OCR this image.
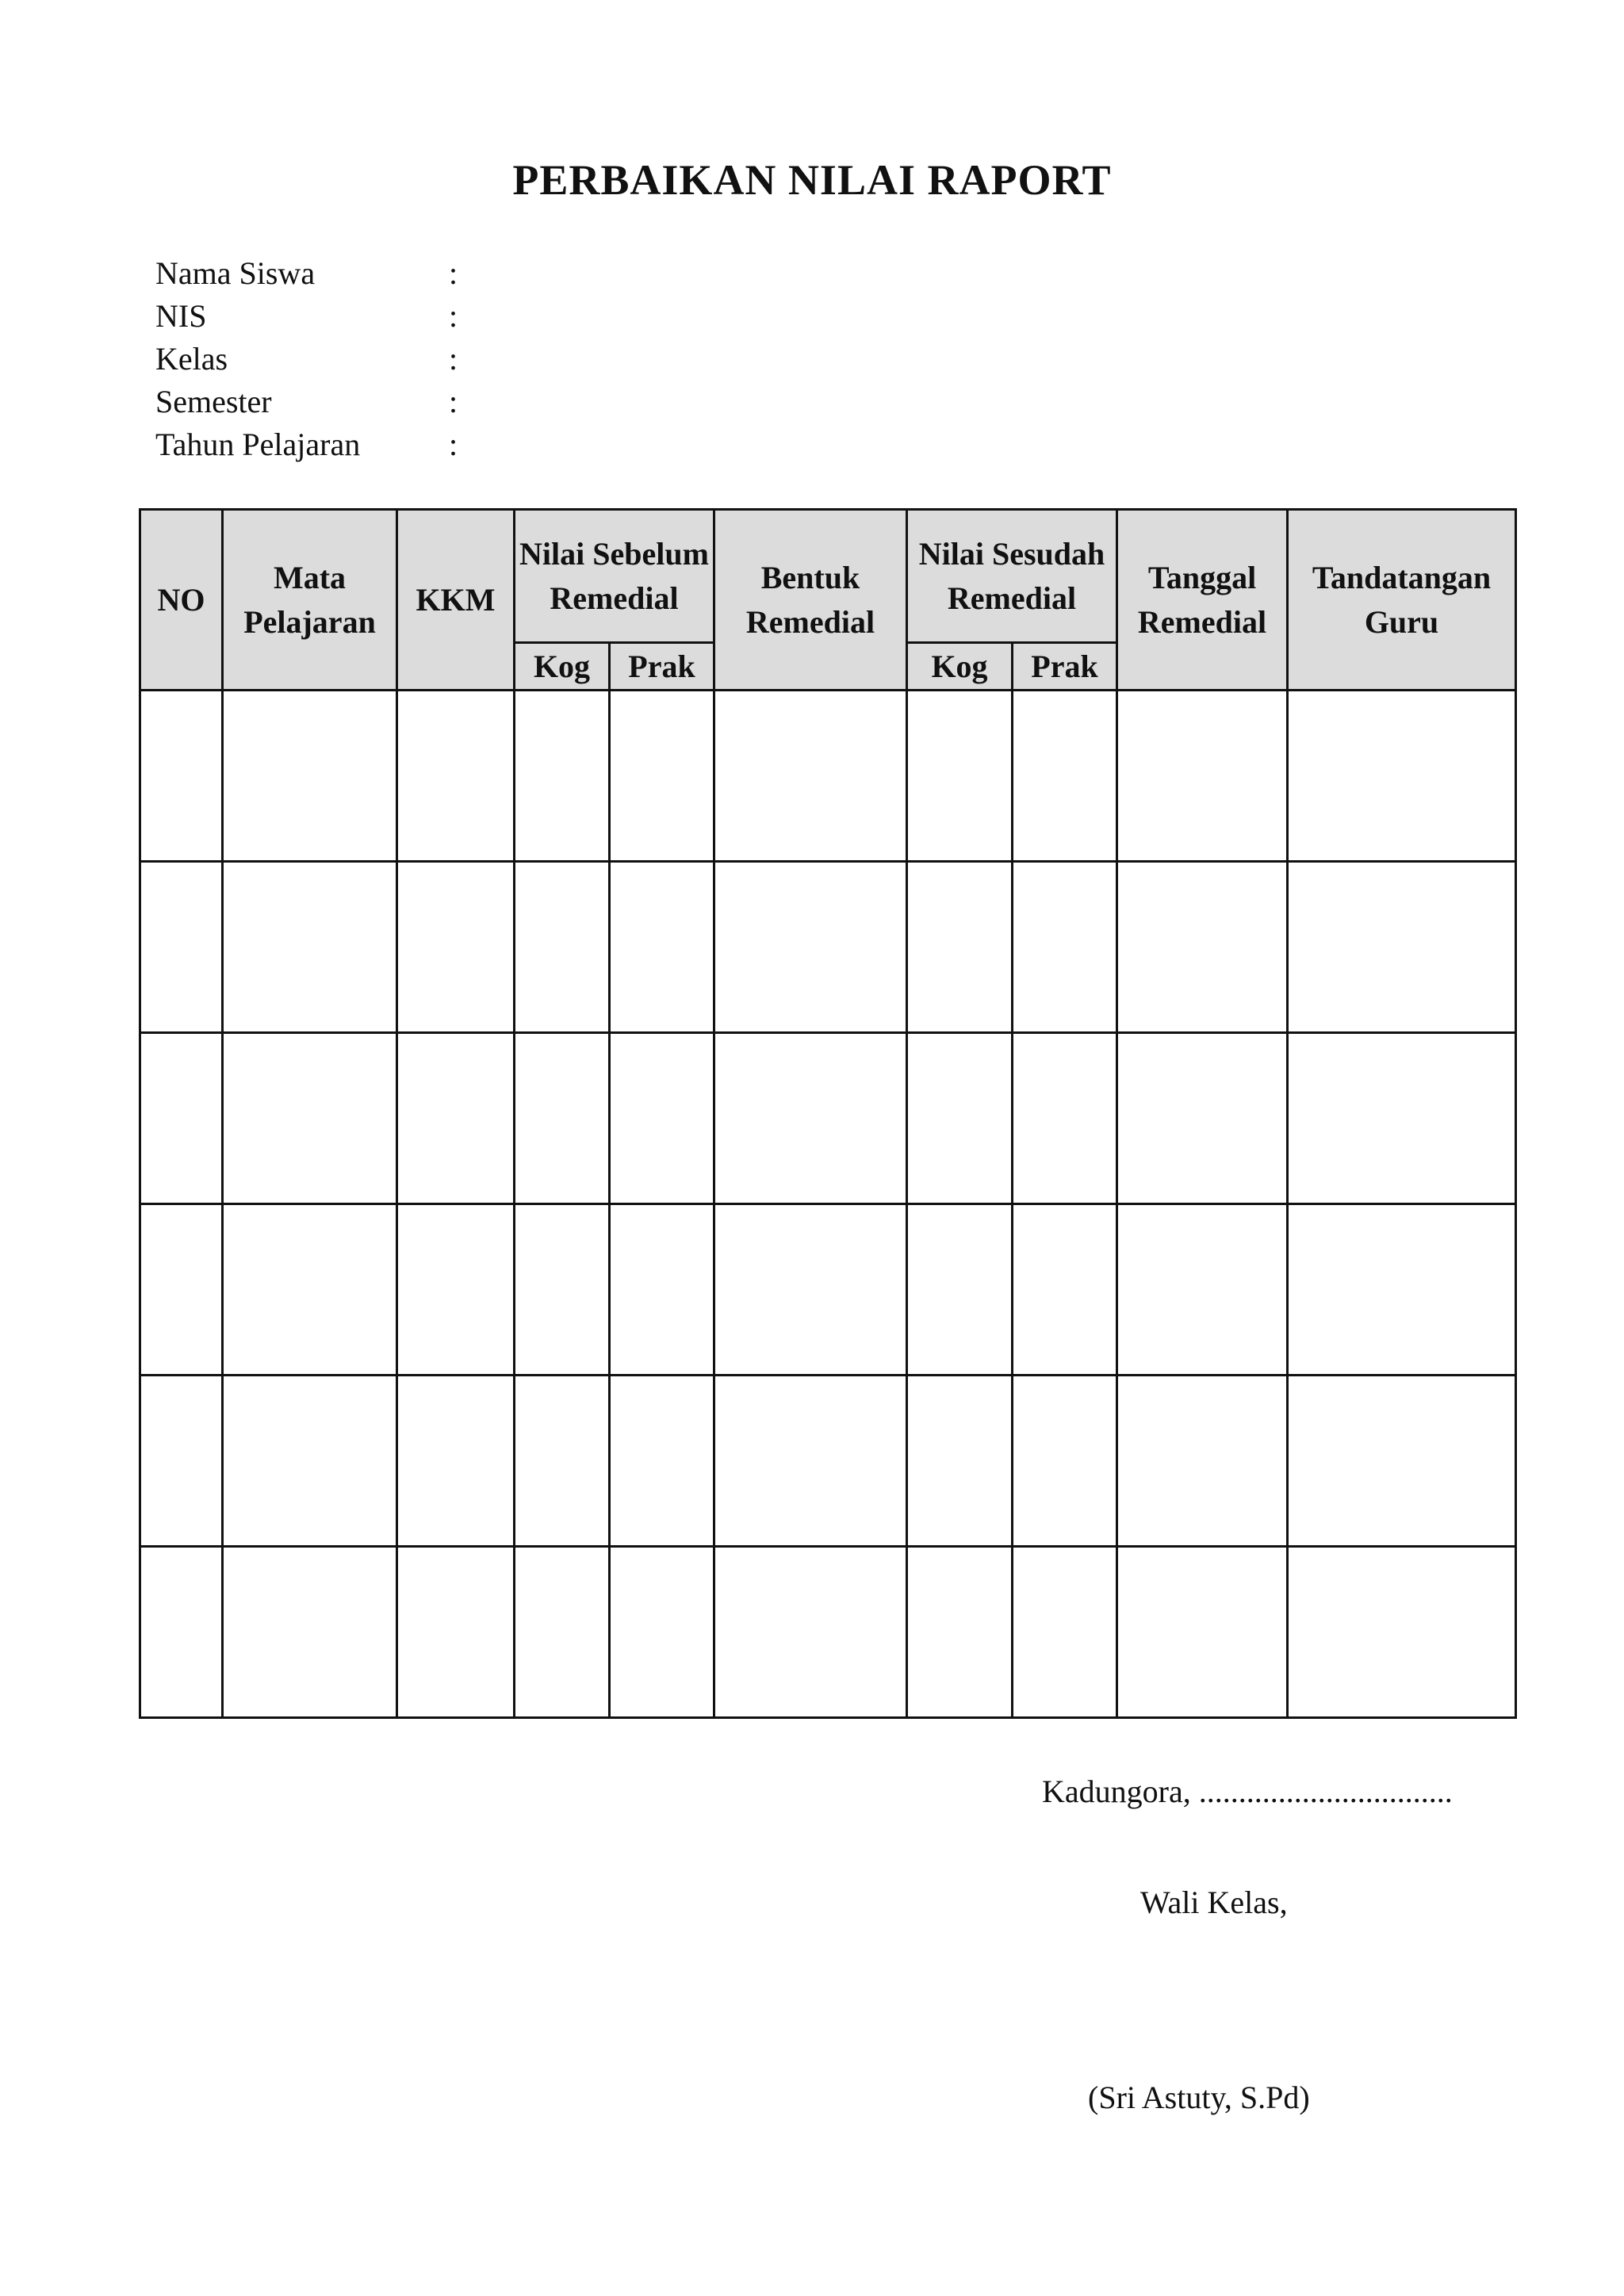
PERBAIKAN NILAI RAPORT
Nama Siswa	:
NIS	:
Kelas	:
Semester	:
Tahun Pelajaran	:
NO	Mata Pelajaran	KKM	Nilai Sebelum Remedial		Bentuk Remedial	Nilai Sesudah Remedial		Tanggal Remedial	Tandatangan Guru
			Kog	Prak		Kog	Prak		

Kadungora, ................................
Wali Kelas,
(Sri Astuty, S.Pd)
